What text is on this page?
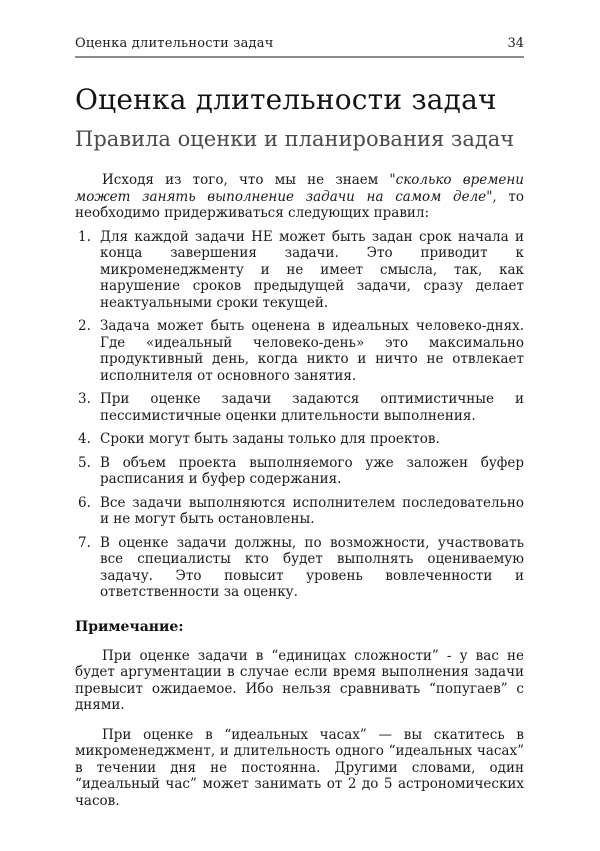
Оценка длительности задач	34
Оценка длительности задач
Правила оценки и планирования задач

Исходя из того, что мы не знаем "сколько времени может занять выполнение задачи на самом деле", то необходимо придерживаться следующих правил:

1. Для каждой задачи НЕ может быть задан срок начала и конца завершения задачи. Это приводит к микроменеджменту и не имеет смысла, так, как нарушение сроков предыдущей задачи, сразу делает неактуальными сроки текущей.
2. Задача может быть оценена в идеальных человеко-днях. Где «идеальный человеко-день» это максимально продуктивный день, когда никто и ничто не отвлекает исполнителя от основного занятия.
3. При оценке задачи задаются оптимистичные и пессимистичные оценки длительности выполнения.
4. Сроки могут быть заданы только для проектов.
5. В объем проекта выполняемого уже заложен буфер расписания и буфер содержания.
6. Все задачи выполняются исполнителем последовательно и не могут быть остановлены.
7. В оценке задачи должны, по возможности, участвовать все специалисты кто будет выполнять оцениваемую задачу. Это повысит уровень вовлеченности и ответственности за оценку.

Примечание:

При оценке задачи в “единицах сложности” - у вас не будет аргументации в случае если время выполнения задачи превысит ожидаемое. Ибо нельзя сравнивать “попугаев” с днями.

При оценке в “идеальных часах” — вы скатитесь в микроменеджмент, и длительность одного “идеальных часах” в течении дня не постоянна. Другими словами, один “идеальный час” может занимать от 2 до 5 астрономических часов.
